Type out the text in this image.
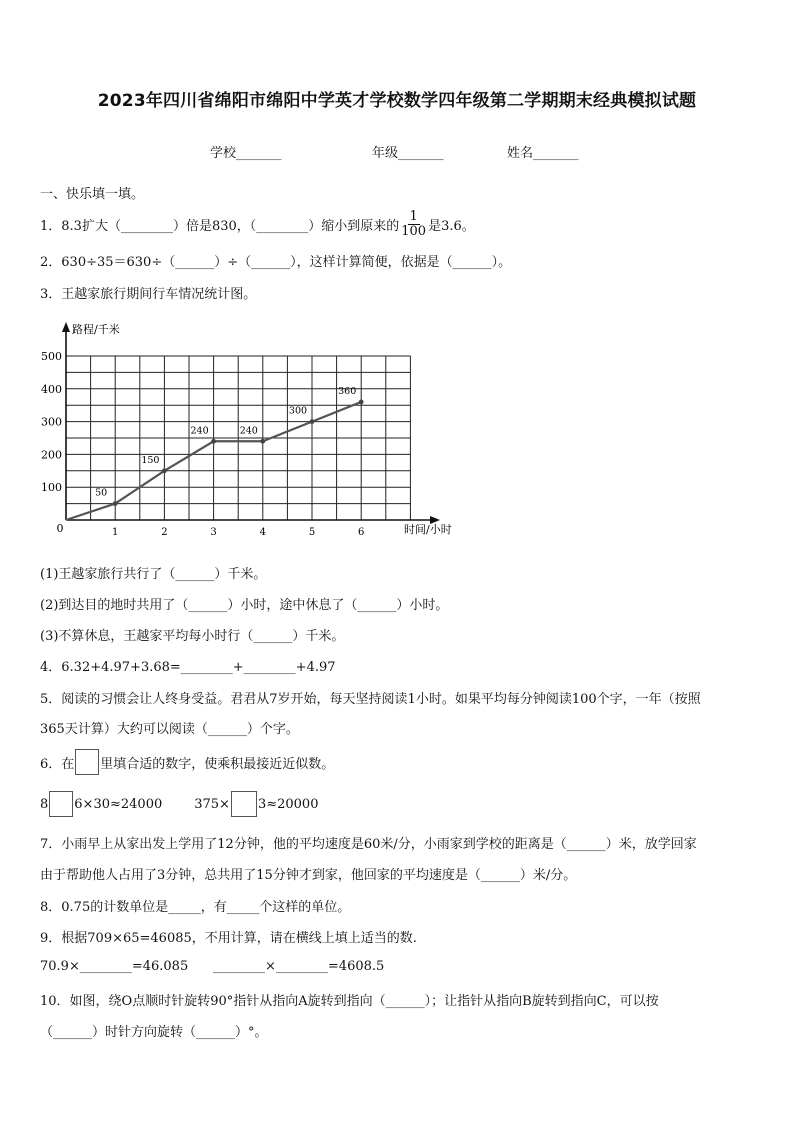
2023年四川省绵阳市绵阳中学英才学校数学四年级第二学期期末经典模拟试题
学校_______	年级_______	姓名_______
一、快乐填一填。
1．8.3扩大（________）倍是830，（________）缩小到原来的 $\frac{1}{100}$ 是3.6。
2．630÷35＝630÷（______）÷（______），这样计算简便，依据是（______）。
3．王越家旅行期间行车情况统计图。
路程/千米
时间/小时
0
100
200
300
400
500
1	2	3	4	5	6
50
150
240	240
300
360
(1)王越家旅行共行了（______）千米。
(2)到达目的地时共用了（______）小时，途中休息了（______）小时。
(3)不算休息，王越家平均每小时行（______）千米。
4．6.32+4.97+3.68=________+________+4.97
5．阅读的习惯会让人终身受益。君君从7岁开始，每天坚持阅读1小时。如果平均每分钟阅读100个字，一年（按照
365天计算）大约可以阅读（______）个字。
6．在 里填合适的数字，使乘积最接近近似数。
8 6×30≈24000 375× 3≈20000
7．小雨早上从家出发上学用了12分钟，他的平均速度是60米/分，小雨家到学校的距离是（______）米，放学回家
由于帮助他人占用了3分钟，总共用了15分钟才到家，他回家的平均速度是（______）米/分。
8．0.75的计数单位是_____，有_____个这样的单位。
9．根据709×65=46085，不用计算，请在横线上填上适当的数.
70.9×________=46.085      ________×________=4608.5
10．如图，绕O点顺时针旋转90°指针从指向A旋转到指向（______）；让指针从指向B旋转到指向C，可以按
（______）时针方向旋转（______）°。
